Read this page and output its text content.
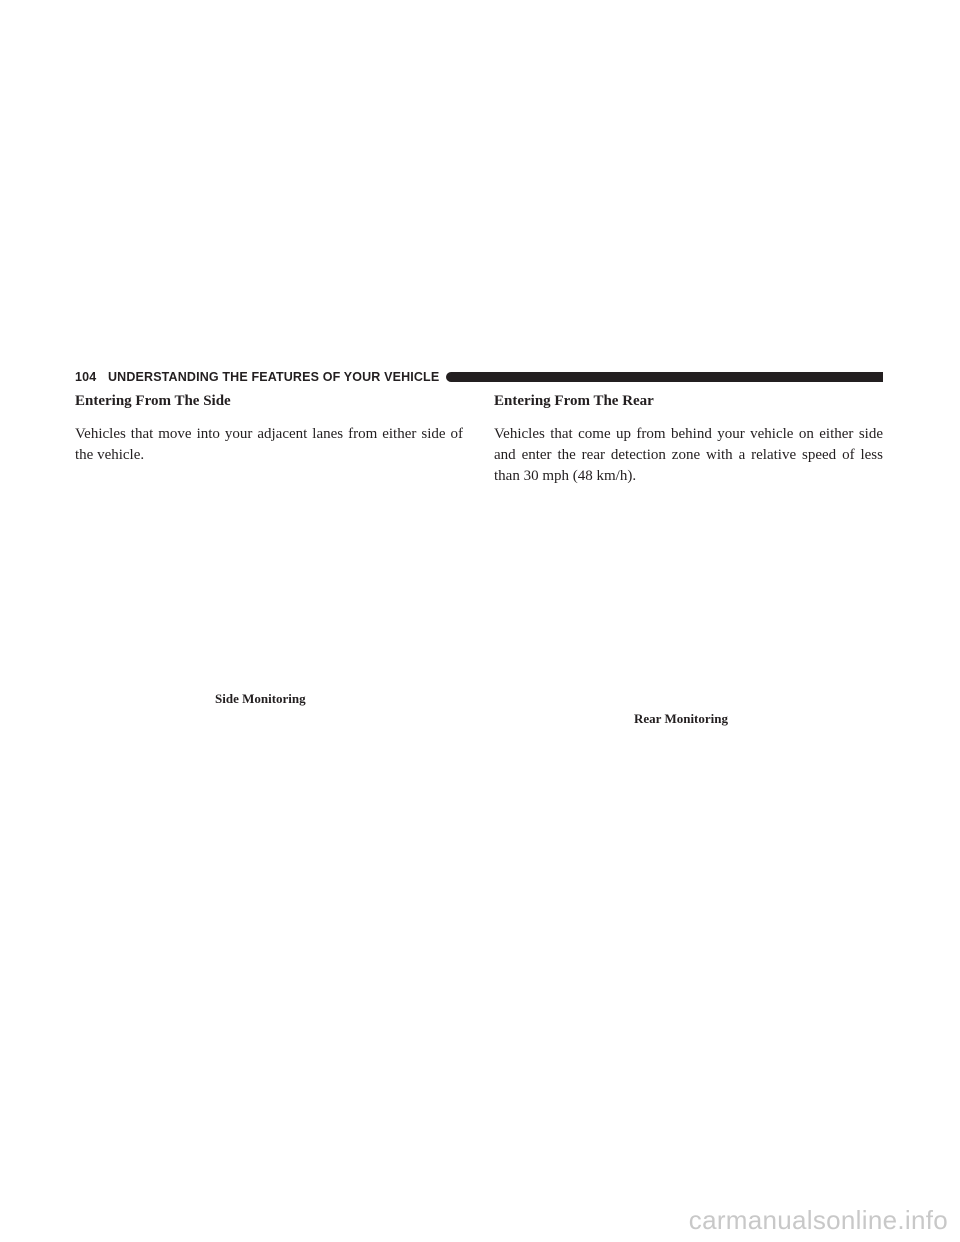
104 UNDERSTANDING THE FEATURES OF YOUR VEHICLE
Entering From The Side

Vehicles that move into your adjacent lanes from either side of the vehicle.

Entering From The Rear

Vehicles that come up from behind your vehicle on either side and enter the rear detection zone with a relative speed of less than 30 mph (48 km/h).

Side Monitoring
Rear Monitoring
carmanualsonline.info
